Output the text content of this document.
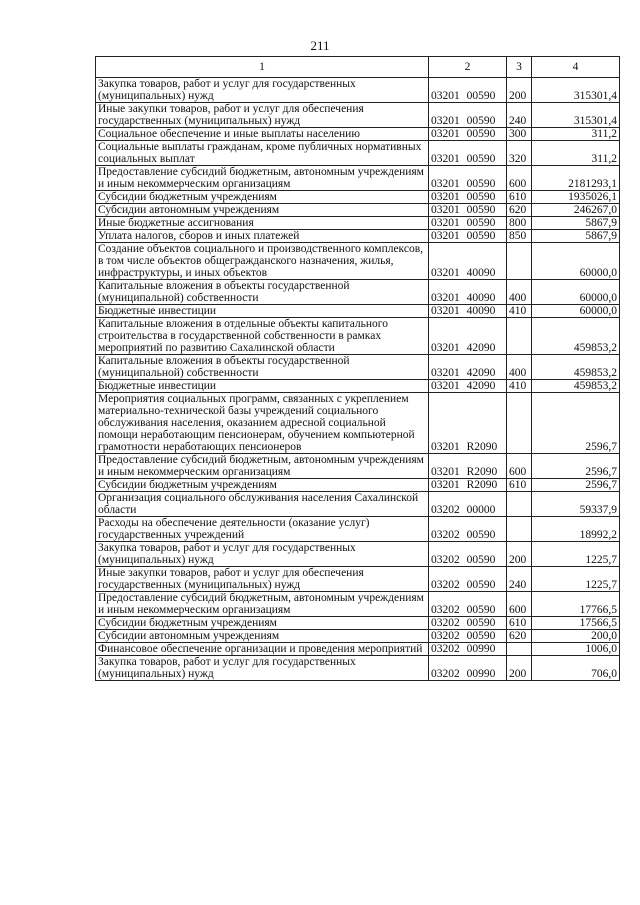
211
1	2	3	4
Закупка товаров, работ и услуг для государственных (муниципальных) нужд	03201 00590	200	315301,4
Иные закупки товаров, работ и услуг для обеспечения государственных (муниципальных) нужд	03201 00590	240	315301,4
Социальное обеспечение и иные выплаты населению	03201 00590	300	311,2
Социальные выплаты гражданам, кроме публичных нормативных социальных выплат	03201 00590	320	311,2
Предоставление субсидий бюджетным, автономным учреждениям и иным некоммерческим организациям	03201 00590	600	2181293,1
Субсидии бюджетным учреждениям	03201 00590	610	1935026,1
Субсидии автономным учреждениям	03201 00590	620	246267,0
Иные бюджетные ассигнования	03201 00590	800	5867,9
Уплата налогов, сборов и иных платежей	03201 00590	850	5867,9
Создание объектов социального и производственного комплексов, в том числе объектов общегражданского назначения, жилья, инфраструктуры, и иных объектов	03201 40090		60000,0
Капитальные вложения в объекты государственной (муниципальной) собственности	03201 40090	400	60000,0
Бюджетные инвестиции	03201 40090	410	60000,0
Капитальные вложения в отдельные объекты капитального строительства в государственной собственности в рамках мероприятий по развитию Сахалинской области	03201 42090		459853,2
Капитальные вложения в объекты государственной (муниципальной) собственности	03201 42090	400	459853,2
Бюджетные инвестиции	03201 42090	410	459853,2
Мероприятия социальных программ, связанных с укреплением материально-технической базы учреждений социального обслуживания населения, оказанием адресной социальной помощи неработающим пенсионерам, обучением компьютерной грамотности неработающих пенсионеров	03201 R2090		2596,7
Предоставление субсидий бюджетным, автономным учреждениям и иным некоммерческим организациям	03201 R2090	600	2596,7
Субсидии бюджетным учреждениям	03201 R2090	610	2596,7
Организация социального обслуживания населения Сахалинской области	03202 00000		59337,9
Расходы на обеспечение деятельности (оказание услуг) государственных учреждений	03202 00590		18992,2
Закупка товаров, работ и услуг для государственных (муниципальных) нужд	03202 00590	200	1225,7
Иные закупки товаров, работ и услуг для обеспечения государственных (муниципальных) нужд	03202 00590	240	1225,7
Предоставление субсидий бюджетным, автономным учреждениям и иным некоммерческим организациям	03202 00590	600	17766,5
Субсидии бюджетным учреждениям	03202 00590	610	17566,5
Субсидии автономным учреждениям	03202 00590	620	200,0
Финансовое обеспечение организации и проведения мероприятий	03202 00990		1006,0
Закупка товаров, работ и услуг для государственных (муниципальных) нужд	03202 00990	200	706,0
